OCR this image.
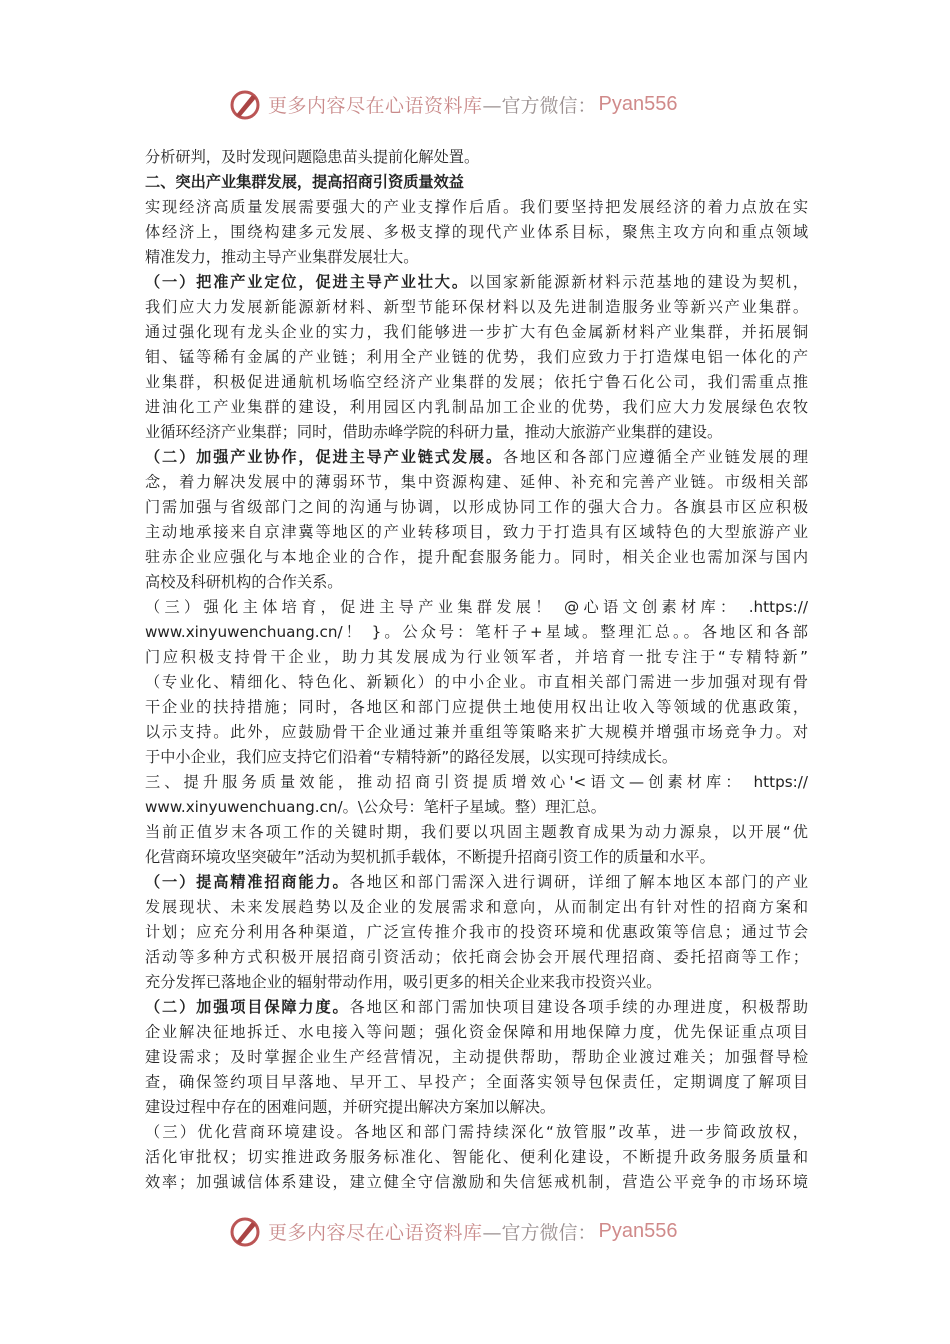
更多内容尽在心语资料库 —官方微信： Pyan556
分析研判，及时发现问题隐患苗头提前化解处置。
二、突出产业集群发展，提高招商引资质量效益
实现经济高质量发展需要强大的产业支撑作后盾。我们要坚持把发展经济的着力点放在实
体经济上，围绕构建多元发展、多极支撑的现代产业体系目标，聚焦主攻方向和重点领域
精准发力，推动主导产业集群发展壮大。
（一）把准产业定位，促进主导产业壮大。以国家新能源新材料示范基地的建设为契机，
我们应大力发展新能源新材料、新型节能环保材料以及先进制造服务业等新兴产业集群。
通过强化现有龙头企业的实力，我们能够进一步扩大有色金属新材料产业集群，并拓展铜
钼、锰等稀有金属的产业链；利用全产业链的优势，我们应致力于打造煤电铝一体化的产
业集群，积极促进通航机场临空经济产业集群的发展；依托宁鲁石化公司，我们需重点推
进油化工产业集群的建设，利用园区内乳制品加工企业的优势，我们应大力发展绿色农牧
业循环经济产业集群；同时，借助赤峰学院的科研力量，推动大旅游产业集群的建设。
（二）加强产业协作，促进主导产业链式发展。各地区和各部门应遵循全产业链发展的理
念，着力解决发展中的薄弱环节，集中资源构建、延伸、补充和完善产业链。市级相关部
门需加强与省级部门之间的沟通与协调，以形成协同工作的强大合力。各旗县市区应积极
主动地承接来自京津冀等地区的产业转移项目，致力于打造具有区域特色的大型旅游产业
驻赤企业应强化与本地企业的合作，提升配套服务能力。同时，相关企业也需加深与国内
高校及科研机构的合作关系。
（三）强化主体培育，促进主导产业集群发展！ @心语文创素材库： .https://
www.xinyuwenchuang.cn/！ }。公众号：笔杆子+星域。整理汇总。。各地区和各部
门应积极支持骨干企业，助力其发展成为行业领军者，并培育一批专注于“专精特新”
（专业化、精细化、特色化、新颖化）的中小企业。市直相关部门需进一步加强对现有骨
干企业的扶持措施；同时，各地区和部门应提供土地使用权出让收入等领域的优惠政策，
以示支持。此外，应鼓励骨干企业通过兼并重组等策略来扩大规模并增强市场竞争力。对
于中小企业，我们应支持它们沿着“专精特新”的路径发展，以实现可持续成长。
三、提升服务质量效能，推动招商引资提质增效心'<语文—创素材库： https://
www.xinyuwenchuang.cn/。\公众号：笔杆子星域。整）理汇总。
当前正值岁末各项工作的关键时期，我们要以巩固主题教育成果为动力源泉，以开展“优
化营商环境攻坚突破年”活动为契机抓手载体，不断提升招商引资工作的质量和水平。
（一）提高精准招商能力。各地区和部门需深入进行调研，详细了解本地区本部门的产业
发展现状、未来发展趋势以及企业的发展需求和意向，从而制定出有针对性的招商方案和
计划；应充分利用各种渠道，广泛宣传推介我市的投资环境和优惠政策等信息；通过节会
活动等多种方式积极开展招商引资活动；依托商会协会开展代理招商、委托招商等工作；
充分发挥已落地企业的辐射带动作用，吸引更多的相关企业来我市投资兴业。
（二）加强项目保障力度。各地区和部门需加快项目建设各项手续的办理进度，积极帮助
企业解决征地拆迁、水电接入等问题；强化资金保障和用地保障力度，优先保证重点项目
建设需求；及时掌握企业生产经营情况，主动提供帮助，帮助企业渡过难关；加强督导检
查，确保签约项目早落地、早开工、早投产；全面落实领导包保责任，定期调度了解项目
建设过程中存在的困难问题，并研究提出解决方案加以解决。
（三）优化营商环境建设。各地区和部门需持续深化“放管服”改革，进一步简政放权，
活化审批权；切实推进政务服务标准化、智能化、便利化建设，不断提升政务服务质量和
效率；加强诚信体系建设，建立健全守信激励和失信惩戒机制，营造公平竞争的市场环境
更多内容尽在心语资料库 —官方微信： Pyan556
